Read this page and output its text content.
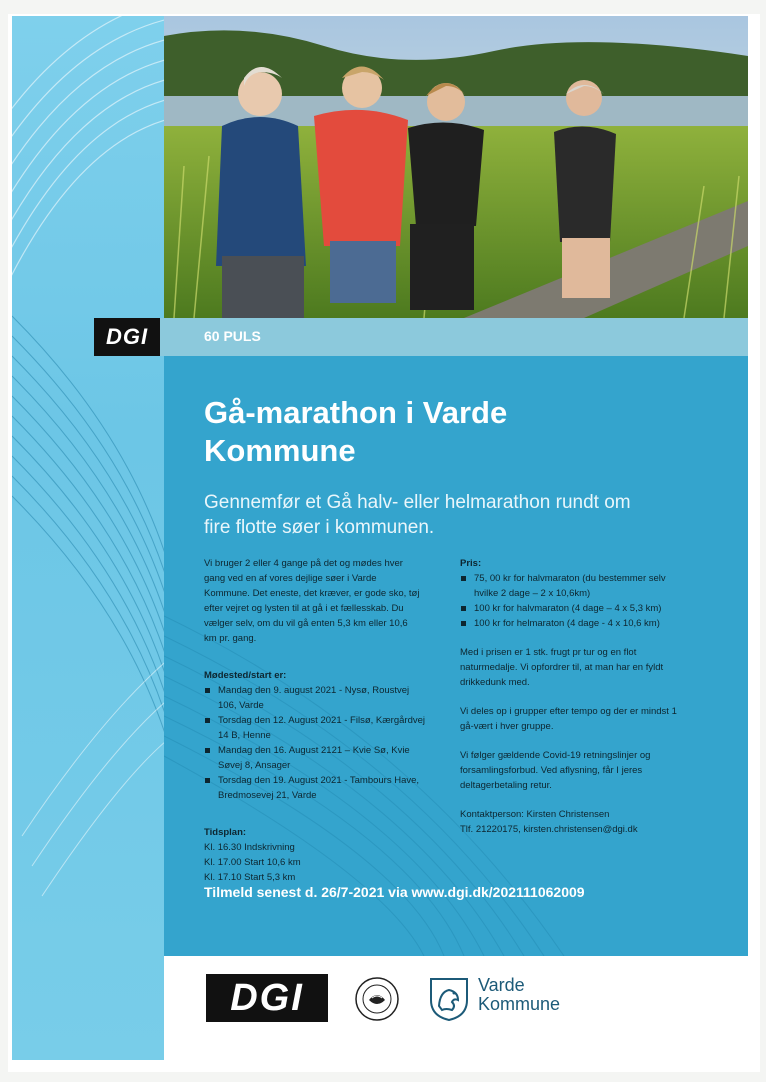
DGI	60 PULS
Gå-marathon i Varde
Kommune
Gennemfør et Gå halv- eller helmarathon rundt om
fire flotte søer i kommunen.

Vi bruger 2 eller 4 gange på det og mødes hver
gang ved en af vores dejlige søer i Varde
Kommune. Det eneste, det kræver, er gode sko, tøj
efter vejret og lysten til at gå i et fællesskab. Du
vælger selv, om du vil gå enten 5,3 km eller 10,6
km pr. gang.

Mødested/start er:

Mandag den 9. august 2021 - Nysø, Roustvej
106, Varde
Torsdag den 12. August 2021 - Filsø, Kærgårdvej
14 B, Henne
Mandag den 16. August 2121 – Kvie Sø, Kvie
Søvej 8, Ansager
Torsdag den 19. August 2021 - Tambours Have,
Bredmosevej 21, Varde

Tidsplan:

Kl. 16.30 Indskrivning
Kl. 17.00 Start 10,6 km
Kl. 17.10 Start 5,3 km

Pris:

75, 00 kr for halvmaraton (du bestemmer selv
hvilke 2 dage – 2 x 10,6km)
100 kr for halvmaraton (4 dage – 4 x 5,3 km)
100 kr for helmaraton (4 dage - 4 x 10,6 km)

Med i prisen er 1 stk. frugt pr tur og en flot
naturmedalje. Vi opfordrer til, at man har en fyldt
drikkedunk med.

Vi deles op i grupper efter tempo og der er mindst 1
gå-vært i hver gruppe.

Vi følger gældende Covid-19 retningslinjer og
forsamlingsforbud. Ved aflysning, får I jeres
deltagerbetaling retur.

Kontaktperson: Kirsten Christensen
Tlf. 21220175, kirsten.christensen@dgi.dk

Tilmeld senest d. 26/7-2021 via www.dgi.dk/202111062009
DGI	Varde
Kommune
